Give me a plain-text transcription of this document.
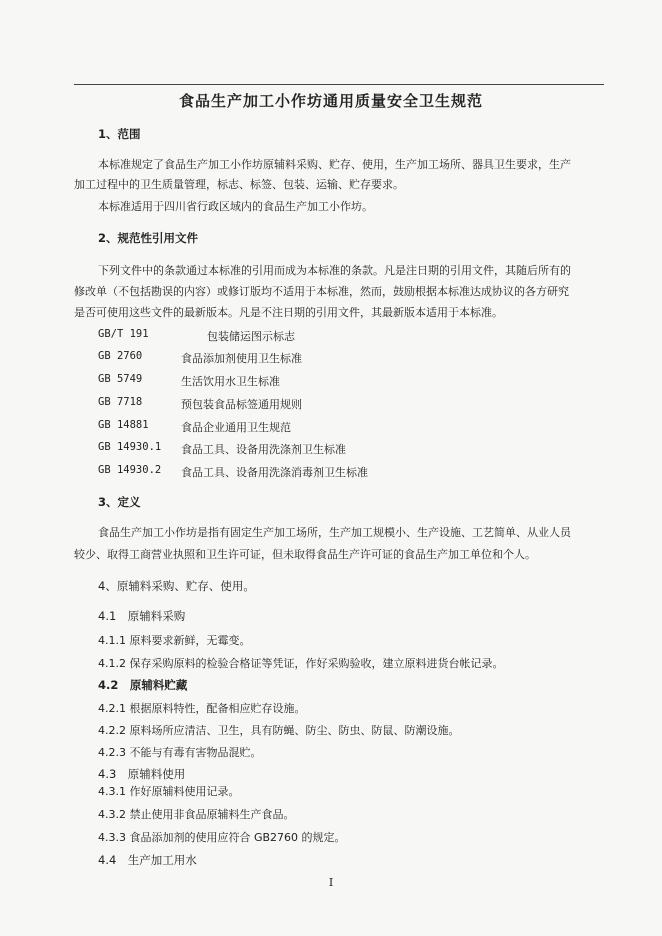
食品生产加工小作坊通用质量安全卫生规范
1、范围
本标准规定了食品生产加工小作坊原辅料采购、贮存、使用，生产加工场所、器具卫生要求，生产
加工过程中的卫生质量管理，标志、标签、包装、运输、贮存要求。
本标准适用于四川省行政区域内的食品生产加工小作坊。
2、规范性引用文件
下列文件中的条款通过本标准的引用而成为本标准的条款。凡是注日期的引用文件，其随后所有的
修改单（不包括勘误的内容）或修订版均不适用于本标准，然而，鼓励根据本标准达成协议的各方研究
是否可使用这些文件的最新版本。凡是不注日期的引用文件，其最新版本适用于本标准。
GB/T 191	包装储运图示标志
GB 2760	食品添加剂使用卫生标准
GB 5749	生活饮用水卫生标准
GB 7718	预包装食品标签通用规则
GB 14881	食品企业通用卫生规范
GB 14930.1 食品工具、设备用洗涤剂卫生标准
GB 14930.2 食品工具、设备用洗涤消毒剂卫生标准
3、定义
食品生产加工小作坊是指有固定生产加工场所，生产加工规模小、生产设施、工艺简单、从业人员
较少、取得工商营业执照和卫生许可证，但未取得食品生产许可证的食品生产加工单位和个人。
4、原辅料采购、贮存、使用。
4.1　原辅料采购
4.1.1 原料要求新鲜，无霉变。
4.1.2 保存采购原料的检验合格证等凭证，作好采购验收，建立原料进货台帐记录。
4.2　原辅料贮藏
4.2.1 根据原料特性，配备相应贮存设施。
4.2.2 原料场所应清洁、卫生，具有防蝇、防尘、防虫、防鼠、防潮设施。
4.2.3 不能与有毒有害物品混贮。
4.3　原辅料使用
4.3.1 作好原辅料使用记录。
4.3.2 禁止使用非食品原辅料生产食品。
4.3.3 食品添加剂的使用应符合 GB2760 的规定。
4.4　生产加工用水
I
